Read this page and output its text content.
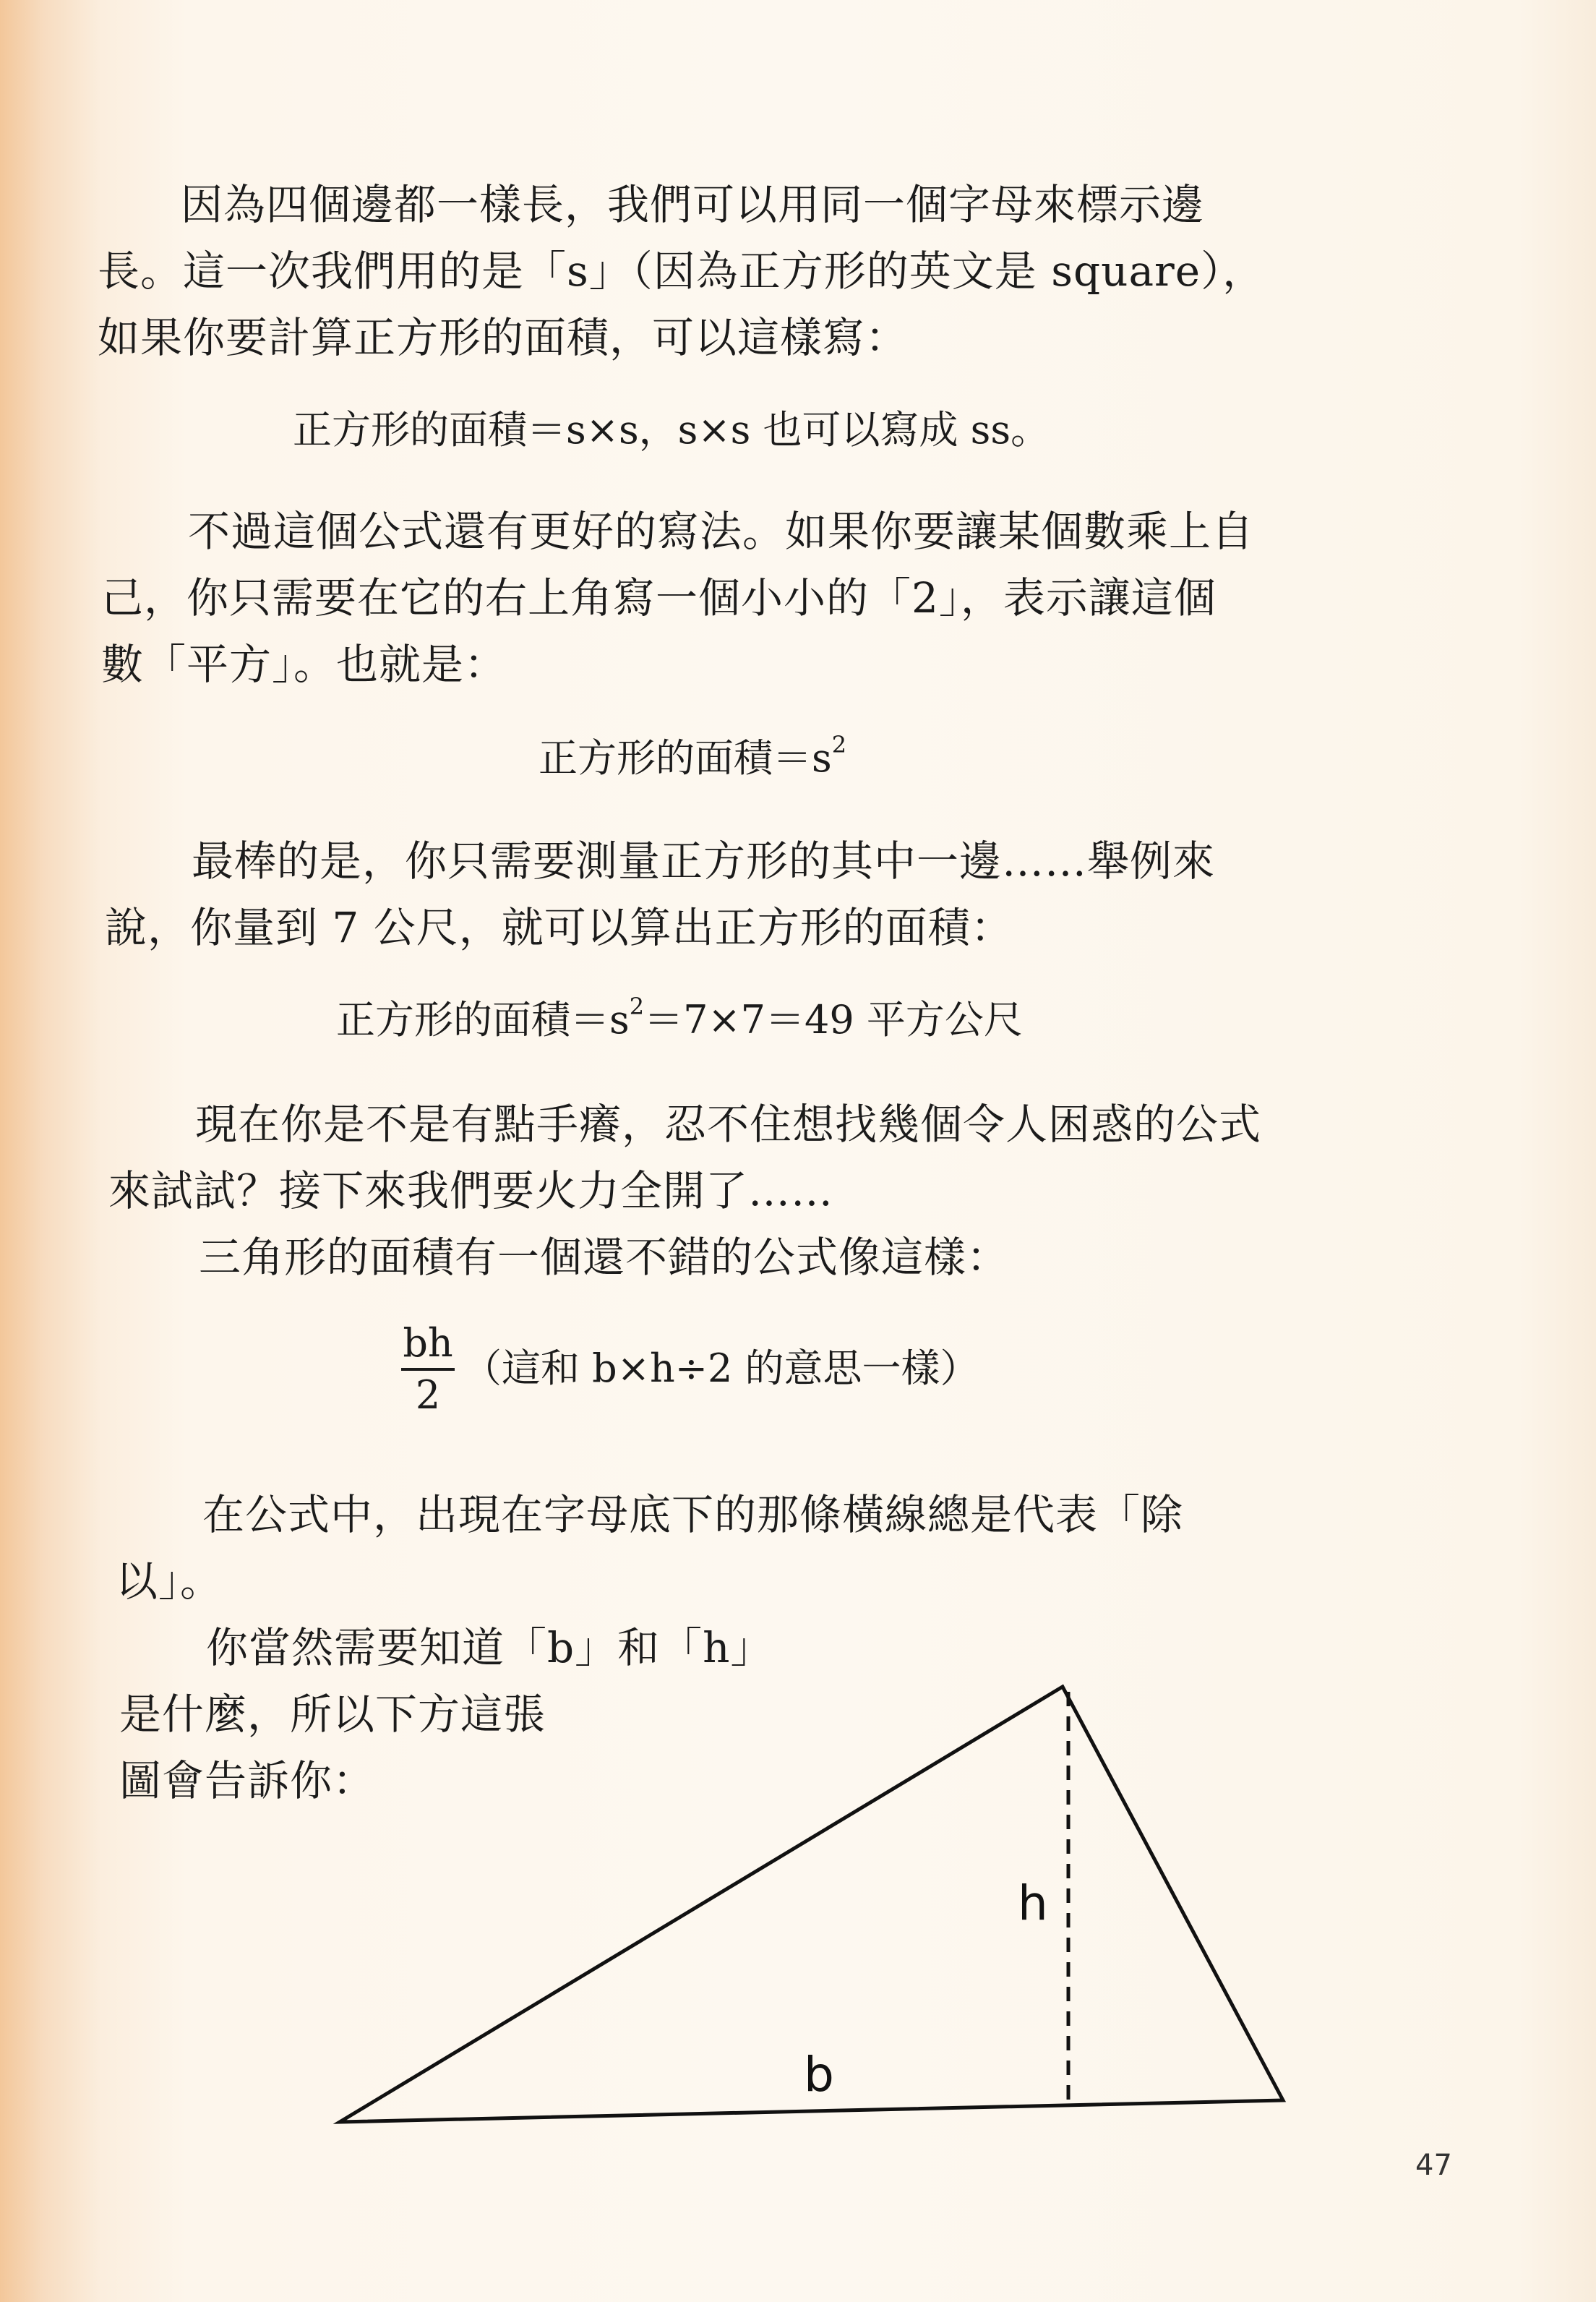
因為四個邊都一樣長，我們可以用同一個字母來標示邊
長。這一次我們用的是「s」（因為正方形的英文是 square），
如果你要計算正方形的面積，可以這樣寫：
正方形的面積＝s×s，s×s 也可以寫成 ss。
不過這個公式還有更好的寫法。如果你要讓某個數乘上自
己，你只需要在它的右上角寫一個小小的「2」，表示讓這個
數「平方」。也就是：
正方形的面積$=s^2$
最棒的是，你只需要測量正方形的其中一邊……舉例來
說，你量到 7 公尺，就可以算出正方形的面積：
正方形的面積$=s^2=7\times 7=49$ 平方公尺
現在你是不是有點手癢，忍不住想找幾個令人困惑的公式
來試試？接下來我們要火力全開了……
三角形的面積有一個還不錯的公式像這樣：
$\frac{bh}{2}$ （這和 b×h÷2 的意思一樣）
在公式中，出現在字母底下的那條橫線總是代表「除
以」。
你當然需要知道「b」和「h」
是什麼，所以下方這張
圖會告訴你：
h
b
47
